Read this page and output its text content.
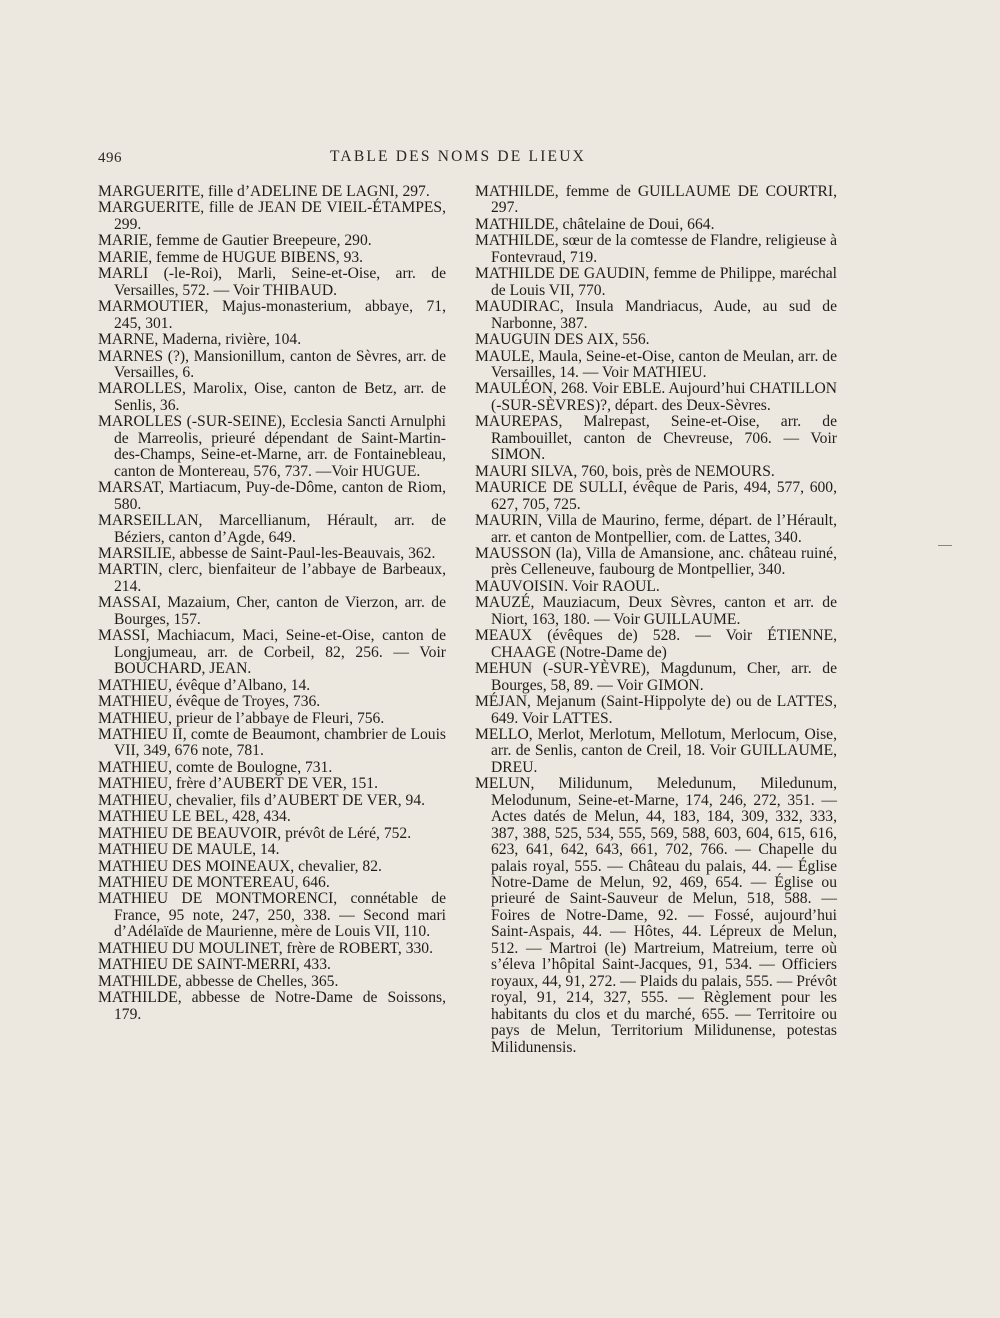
496	TABLE DES NOMS DE LIEUX

MARGUERITE, fille d’ADELINE DE LAGNI, 297.

MARGUERITE, fille de JEAN DE VIEIL-ÉTAMPES, 299.

MARIE, femme de Gautier Breepeure, 290.

MARIE, femme de HUGUE BIBENS, 93.

MARLI (-le-Roi), Marli, Seine-et-Oise, arr. de Versailles, 572. — Voir THIBAUD.

MARMOUTIER, Majus-monasterium, abbaye, 71, 245, 301.

MARNE, Maderna, rivière, 104.

MARNES (?), Mansionillum, canton de Sèvres, arr. de Versailles, 6.

MAROLLES, Marolix, Oise, canton de Betz, arr. de Senlis, 36.

MAROLLES (-SUR-SEINE), Ecclesia Sancti Arnulphi de Marreolis, prieuré dépendant de Saint-Martin-des-Champs, Seine-et-Marne, arr. de Fontainebleau, canton de Montereau, 576, 737. —Voir HUGUE.

MARSAT, Martiacum, Puy-de-Dôme, canton de Riom, 580.

MARSEILLAN, Marcellianum, Hérault, arr. de Béziers, canton d’Agde, 649.

MARSILIE, abbesse de Saint-Paul-les-Beauvais, 362.

MARTIN, clerc, bienfaiteur de l’abbaye de Barbeaux, 214.

MASSAI, Mazaium, Cher, canton de Vierzon, arr. de Bourges, 157.

MASSI, Machiacum, Maci, Seine-et-Oise, canton de Longjumeau, arr. de Corbeil, 82, 256. — Voir BOUCHARD, JEAN.

MATHIEU, évêque d’Albano, 14.

MATHIEU, évêque de Troyes, 736.

MATHIEU, prieur de l’abbaye de Fleuri, 756.

MATHIEU II, comte de Beaumont, chambrier de Louis VII, 349, 676 note, 781.

MATHIEU, comte de Boulogne, 731.

MATHIEU, frère d’AUBERT DE VER, 151.

MATHIEU, chevalier, fils d’AUBERT DE VER, 94.

MATHIEU LE BEL, 428, 434.

MATHIEU DE BEAUVOIR, prévôt de Léré, 752.

MATHIEU DE MAULE, 14.

MATHIEU DES MOINEAUX, chevalier, 82.

MATHIEU DE MONTEREAU, 646.

MATHIEU DE MONTMORENCI, connétable de France, 95 note, 247, 250, 338. — Second mari d’Adélaïde de Maurienne, mère de Louis VII, 110.

MATHIEU DU MOULINET, frère de ROBERT, 330.

MATHIEU DE SAINT-MERRI, 433.

MATHILDE, abbesse de Chelles, 365.

MATHILDE, abbesse de Notre-Dame de Soissons, 179.

MATHILDE, femme de GUILLAUME DE COURTRI, 297.

MATHILDE, châtelaine de Doui, 664.

MATHILDE, sœur de la comtesse de Flandre, religieuse à Fontevraud, 719.

MATHILDE DE GAUDIN, femme de Philippe, maréchal de Louis VII, 770.

MAUDIRAC, Insula Mandriacus, Aude, au sud de Narbonne, 387.

MAUGUIN DES AIX, 556.

MAULE, Maula, Seine-et-Oise, canton de Meulan, arr. de Versailles, 14. — Voir MATHIEU.

MAULÉON, 268. Voir EBLE. Aujourd’hui CHATILLON (-SUR-SÈVRES)?, départ. des Deux-Sèvres.

MAUREPAS, Malrepast, Seine-et-Oise, arr. de Rambouillet, canton de Chevreuse, 706. — Voir SIMON.

MAURI SILVA, 760, bois, près de NEMOURS.

MAURICE DE SULLI, évêque de Paris, 494, 577, 600, 627, 705, 725.

MAURIN, Villa de Maurino, ferme, départ. de l’Hérault, arr. et canton de Montpellier, com. de Lattes, 340.

MAUSSON (la), Villa de Amansione, anc. château ruiné, près Celleneuve, faubourg de Montpellier, 340.

MAUVOISIN. Voir RAOUL.

MAUZÉ, Mauziacum, Deux Sèvres, canton et arr. de Niort, 163, 180. — Voir GUILLAUME.

MEAUX (évêques de) 528. — Voir ÉTIENNE, CHAAGE (Notre-Dame de)

MEHUN (-SUR-YÈVRE), Magdunum, Cher, arr. de Bourges, 58, 89. — Voir GIMON.

MÉJAN, Mejanum (Saint-Hippolyte de) ou de LATTES, 649. Voir LATTES.

MELLO, Merlot, Merlotum, Mellotum, Merlocum, Oise, arr. de Senlis, canton de Creil, 18. Voir GUILLAUME, DREU.

MELUN, Milidunum, Meledunum, Miledunum, Melodunum, Seine-et-Marne, 174, 246, 272, 351. — Actes datés de Melun, 44, 183, 184, 309, 332, 333, 387, 388, 525, 534, 555, 569, 588, 603, 604, 615, 616, 623, 641, 642, 643, 661, 702, 766. — Chapelle du palais royal, 555. — Château du palais, 44. — Église Notre-Dame de Melun, 92, 469, 654. — Église ou prieuré de Saint-Sauveur de Melun, 518, 588. — Foires de Notre-Dame, 92. — Fossé, aujourd’hui Saint-Aspais, 44. — Hôtes, 44. Lépreux de Melun, 512. — Martroi (le) Martreium, Matreium, terre où s’éleva l’hôpital Saint-Jacques, 91, 534. — Officiers royaux, 44, 91, 272. — Plaids du palais, 555. — Prévôt royal, 91, 214, 327, 555. — Règlement pour les habitants du clos et du marché, 655. — Territoire ou pays de Melun, Territorium Milidunense, potestas Milidunensis.
